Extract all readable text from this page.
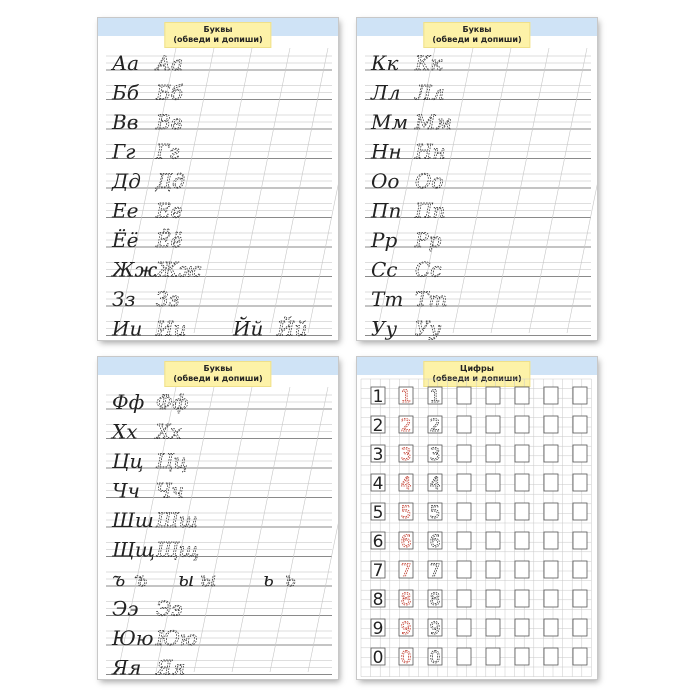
Буквы
(обведи и допиши)
Аа Аа
Бб Бб
Вв Вв
Гг Гг
Дд Дд
Ее Ее
Ёё Ёё
Жж
Жж
Зз Зз
Ии Ии Йй Йй
Буквы
(обведи и допиши)
Кк Кк
Лл Лл
Мм Мм
Нн Нн
Оо Оо
Пп Пп
Рр Рр
Сс Сс
Тт Тт
Уу Уу
Буквы
(обведи и допиши)
Фф Фф
Хх Хх
Цц Цц
Чч Чч
Шш Шш
Щщ Щщ
ъ ъ ы ы ь ь
Ээ Ээ
Юю Юю
Яя Яя
Цифры
(обведи и допиши)
1 1 1
2 2 2
3 3 3
4 4 4
5 5 5
6 6 6
7 7 7
8 8 8
9 9 9
0 0 0
